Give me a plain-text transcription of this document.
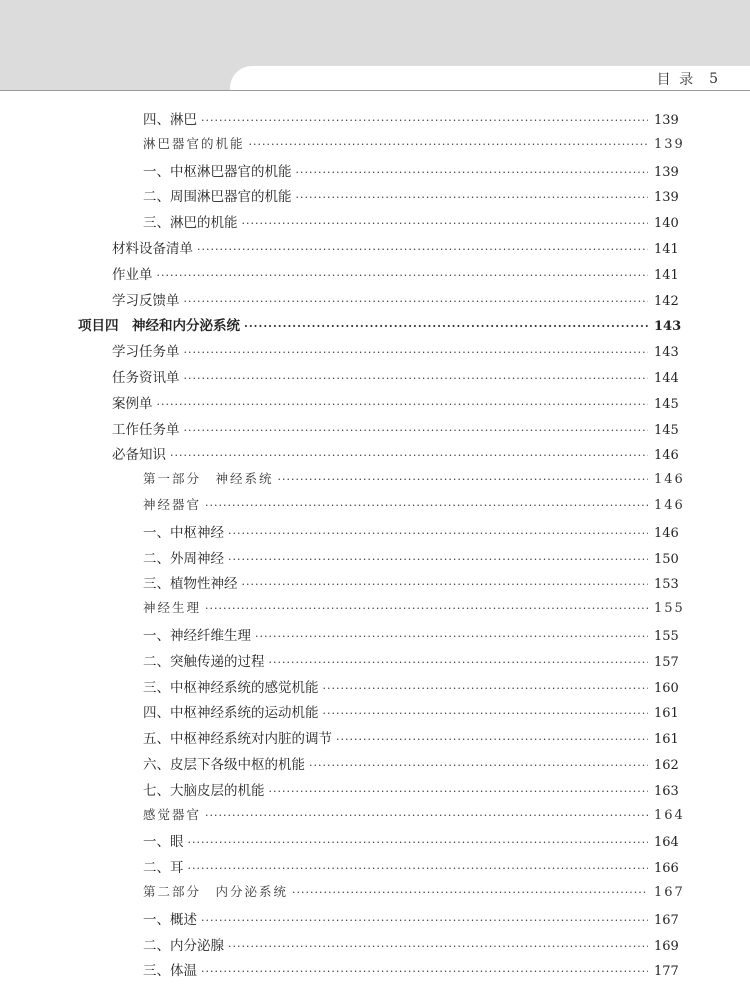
目 录 5
四、淋巴 ·····	139
淋巴器官的机能 ·····	139
一、中枢淋巴器官的机能 ·····	139
二、周围淋巴器官的机能 ·····	139
三、淋巴的机能 ·····	140
材料设备清单 ·····	141
作业单 ·····	141
学习反馈单 ·····	142
项目四　神经和内分泌系统 ·····	143
学习任务单 ·····	143
任务资讯单 ·····	144
案例单 ·····	145
工作任务单 ·····	145
必备知识 ·····	146
第一部分　神经系统 ·····	146
神经器官 ·····	146
一、中枢神经 ·····	146
二、外周神经 ·····	150
三、植物性神经 ·····	153
神经生理 ·····	155
一、神经纤维生理 ·····	155
二、突触传递的过程 ·····	157
三、中枢神经系统的感觉机能 ·····	160
四、中枢神经系统的运动机能 ·····	161
五、中枢神经系统对内脏的调节 ·····	161
六、皮层下各级中枢的机能 ·····	162
七、大脑皮层的机能 ·····	163
感觉器官 ·····	164
一、眼 ·····	164
二、耳 ·····	166
第二部分　内分泌系统 ·····	167
一、概述 ·····	167
二、内分泌腺 ·····	169
三、体温 ·····	177
